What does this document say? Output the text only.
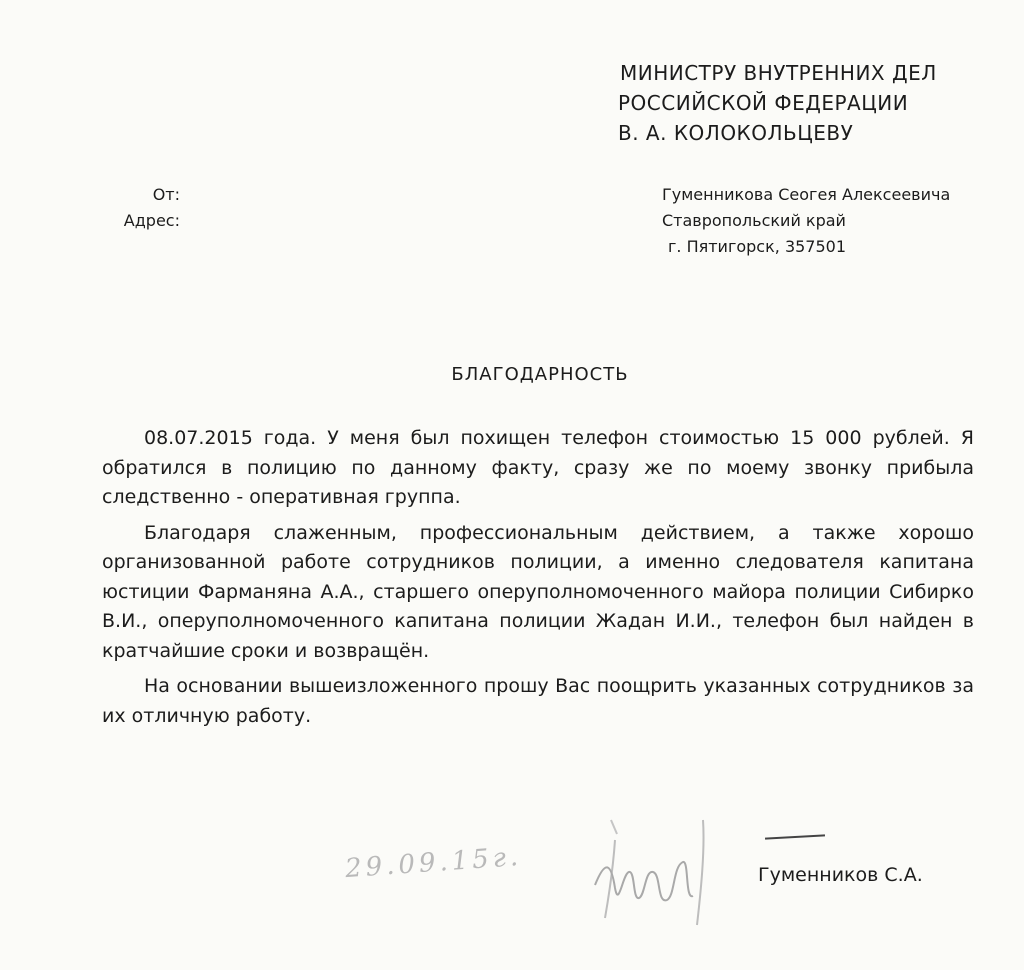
МИНИСТРУ ВНУТРЕННИХ ДЕЛ
РОССИЙСКОЙ ФЕДЕРАЦИИ
В. А. КОЛОКОЛЬЦЕВУ
От:	Гуменникова Сеогея Алексеевича
Адрес:	Ставропольский край
г. Пятигорск, 357501
БЛАГОДАРНОСТЬ

08.07.2015 года. У меня был похищен телефон стоимостью 15 000 рублей. Я обратился в полицию по данному факту, сразу же по моему звонку прибыла следственно - оперативная группа.

Благодаря слаженным, профессиональным действием, а также хорошо организованной работе сотрудников полиции, а именно следователя капитана юстиции Фарманяна А.А., старшего оперуполномоченного майора полиции Сибирко В.И., оперуполномоченного капитана полиции Жадан И.И., телефон был найден в кратчайшие сроки и возвращён.

На основании вышеизложенного прошу Вас поощрить указанных сотрудников за их отличную работу.

29.09.15г.	Гуменников С.А.
